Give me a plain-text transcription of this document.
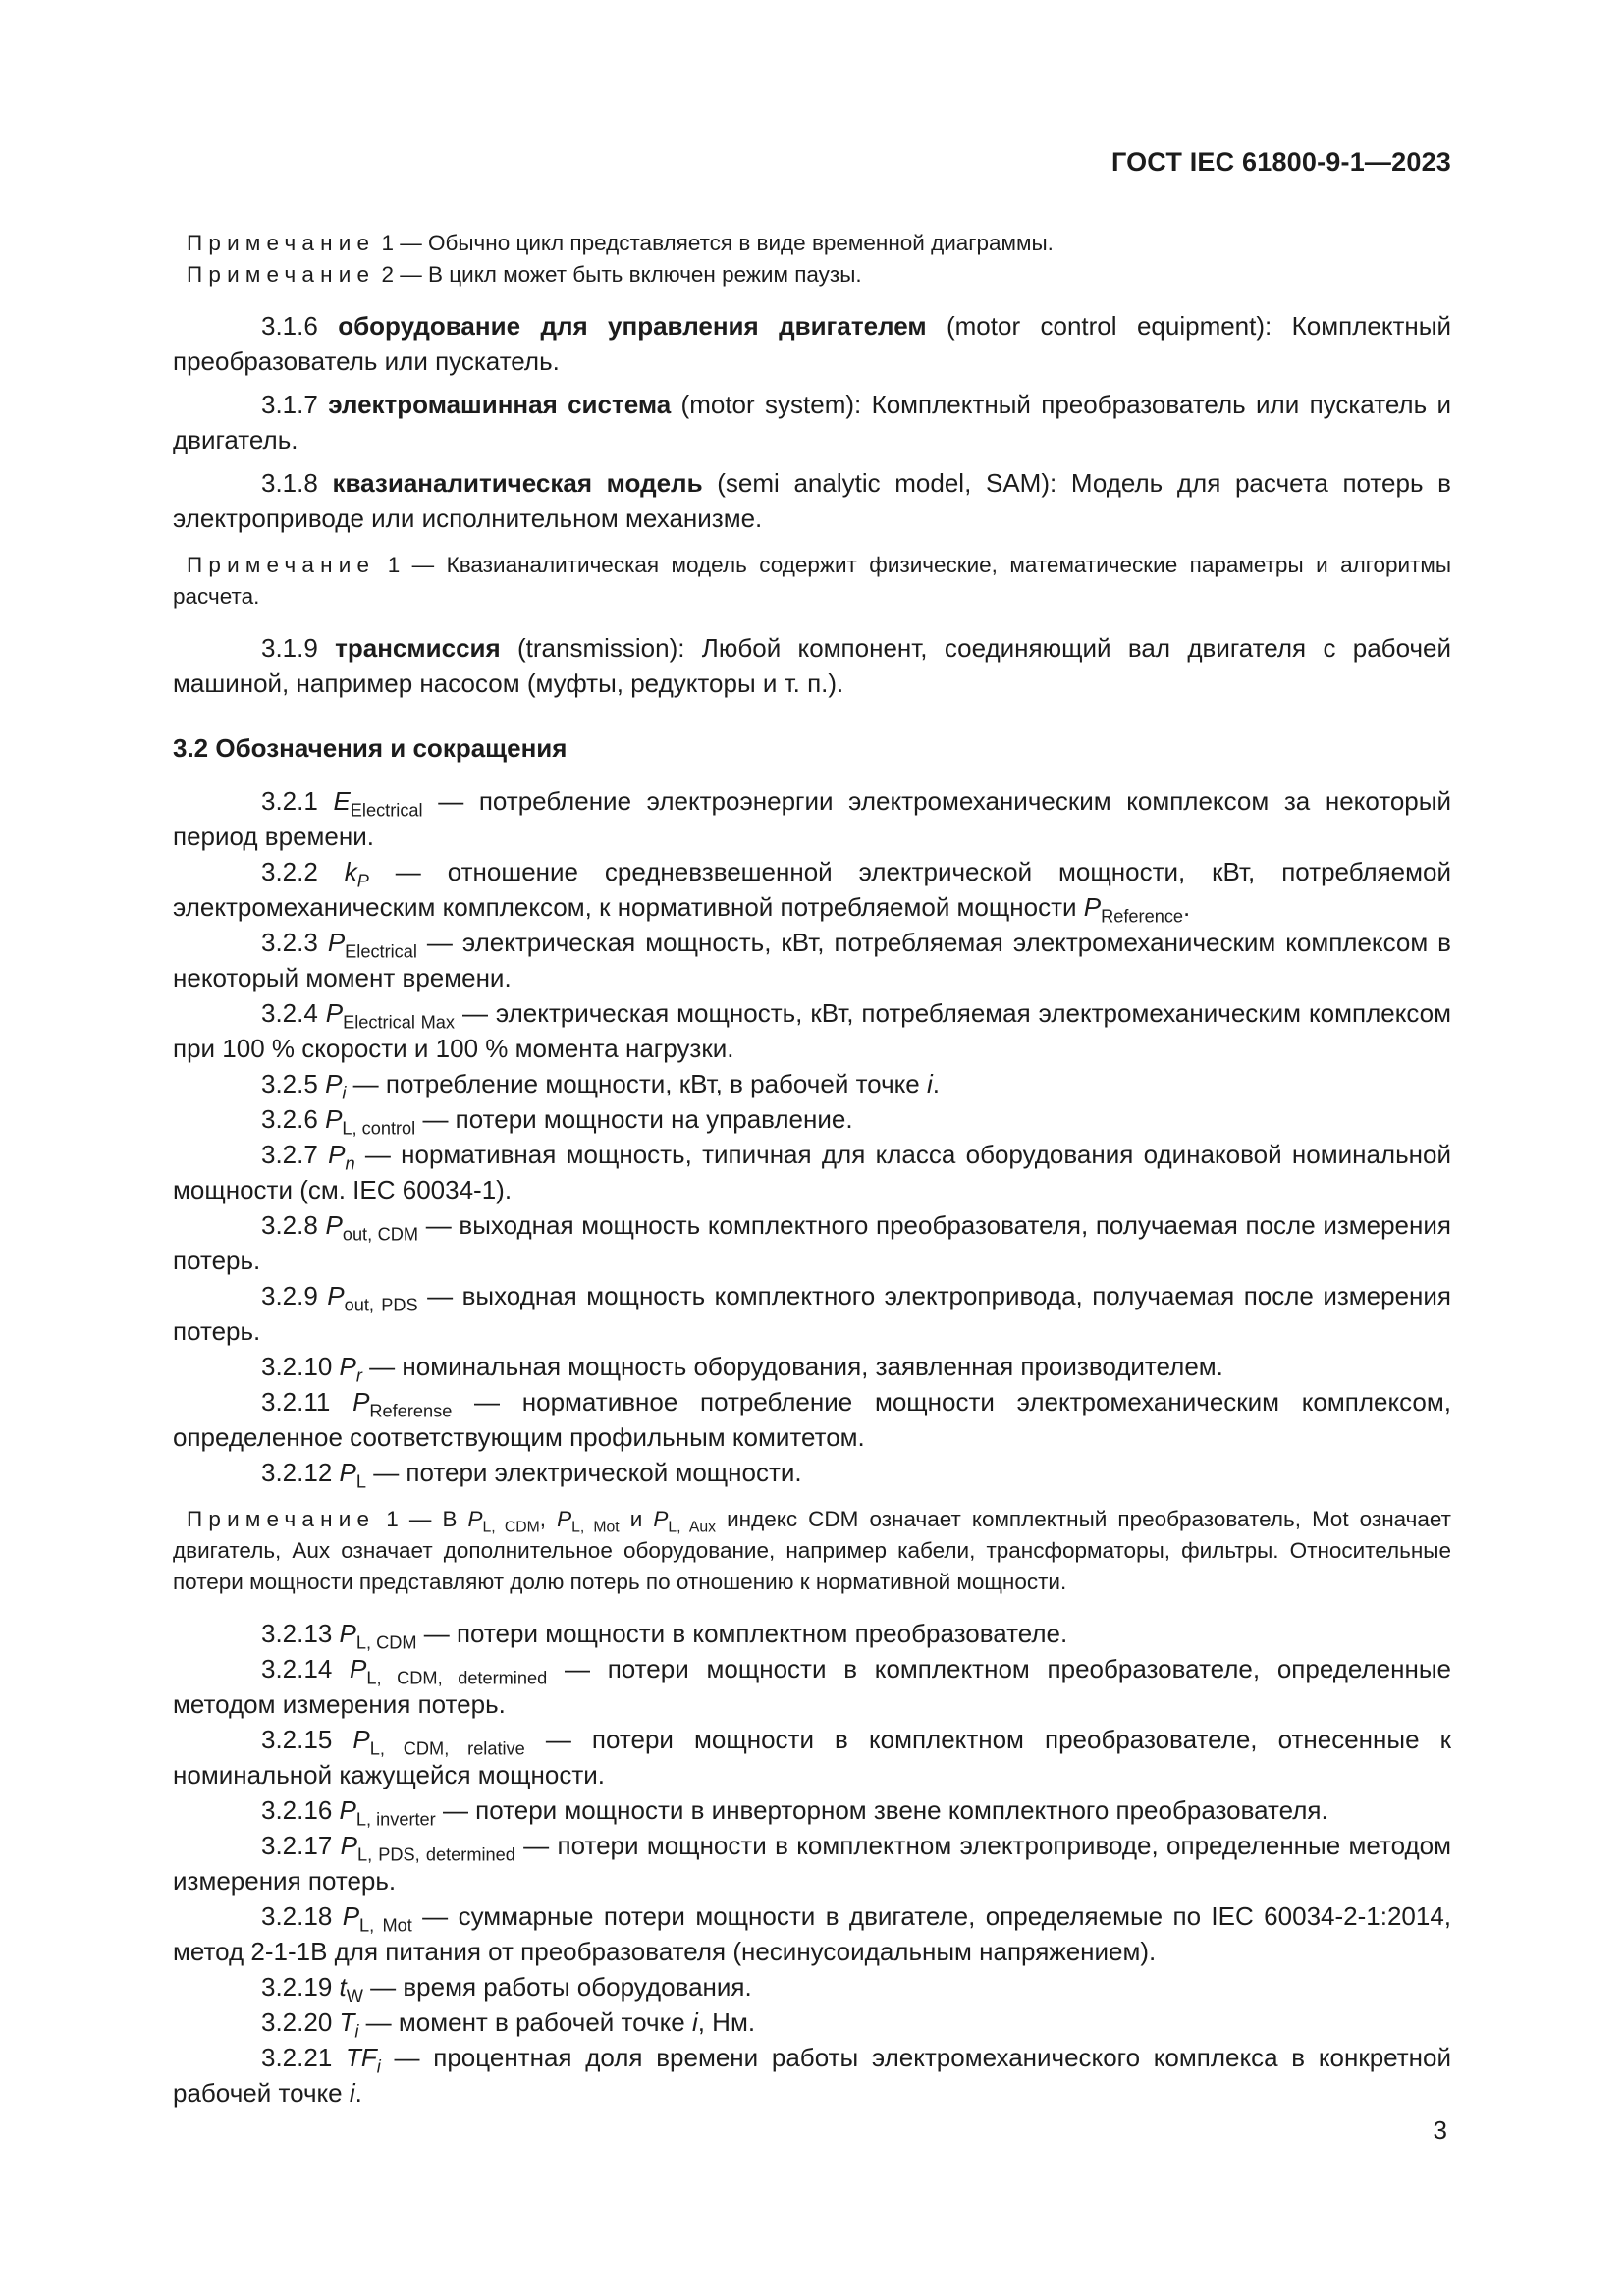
ГОСТ IEC 61800-9-1—2023

Примечание 1 — Обычно цикл представляется в виде временной диаграммы.

Примечание 2 — В цикл может быть включен режим паузы.

3.1.6 оборудование для управления двигателем (motor control equipment): Комплектный преобразователь или пускатель.

3.1.7 электромашинная система (motor system): Комплектный преобразователь или пускатель и двигатель.

3.1.8 квазианалитическая модель (semi analytic model, SAM): Модель для расчета потерь в электроприводе или исполнительном механизме.

Примечание 1 — Квазианалитическая модель содержит физические, математические параметры и алгоритмы расчета.

3.1.9 трансмиссия (transmission): Любой компонент, соединяющий вал двигателя с рабочей машиной, например насосом (муфты, редукторы и т. п.).

3.2 Обозначения и сокращения

3.2.1 $E_{Electrical}$ — потребление электроэнергии электромеханическим комплексом за некоторый период времени.

3.2.2 $k_P$ — отношение средневзвешенной электрической мощности, кВт, потребляемой электромеханическим комплексом, к нормативной потребляемой мощности $P_{Reference}$.

3.2.3 $P_{Electrical}$ — электрическая мощность, кВт, потребляемая электромеханическим комплексом в некоторый момент времени.

3.2.4 $P_{Electrical Max}$ — электрическая мощность, кВт, потребляемая электромеханическим комплексом при 100 % скорости и 100 % момента нагрузки.

3.2.5 $P_i$ — потребление мощности, кВт, в рабочей точке i.

3.2.6 $P_{L, control}$ — потери мощности на управление.

3.2.7 $P_n$ — нормативная мощность, типичная для класса оборудования одинаковой номинальной мощности (см. IEC 60034-1).

3.2.8 $P_{out, CDM}$ — выходная мощность комплектного преобразователя, получаемая после измерения потерь.

3.2.9 $P_{out, PDS}$ — выходная мощность комплектного электропривода, получаемая после измерения потерь.

3.2.10 $P_r$ — номинальная мощность оборудования, заявленная производителем.

3.2.11 $P_{Referense}$ — нормативное потребление мощности электромеханическим комплексом, определенное соответствующим профильным комитетом.

3.2.12 $P_L$ — потери электрической мощности.

Примечание 1 — В $P_{L, CDM}$, $P_{L, Mot}$ и $P_{L, Aux}$ индекс CDM означает комплектный преобразователь, Mot означает двигатель, Aux означает дополнительное оборудование, например кабели, трансформаторы, фильтры. Относительные потери мощности представляют долю потерь по отношению к нормативной мощности.

3.2.13 $P_{L, CDM}$ — потери мощности в комплектном преобразователе.

3.2.14 $P_{L, CDM, determined}$ — потери мощности в комплектном преобразователе, определенные методом измерения потерь.

3.2.15 $P_{L, CDM, relative}$ — потери мощности в комплектном преобразователе, отнесенные к номинальной кажущейся мощности.

3.2.16 $P_{L, inverter}$ — потери мощности в инверторном звене комплектного преобразователя.

3.2.17 $P_{L, PDS, determined}$ — потери мощности в комплектном электроприводе, определенные методом измерения потерь.

3.2.18 $P_{L, Mot}$ — суммарные потери мощности в двигателе, определяемые по IEC 60034-2-1:2014, метод 2-1-1B для питания от преобразователя (несинусоидальным напряжением).

3.2.19 $t_W$ — время работы оборудования.

3.2.20 $T_i$ — момент в рабочей точке i, Нм.

3.2.21 $TF_i$ — процентная доля времени работы электромеханического комплекса в конкретной рабочей точке i.

3
